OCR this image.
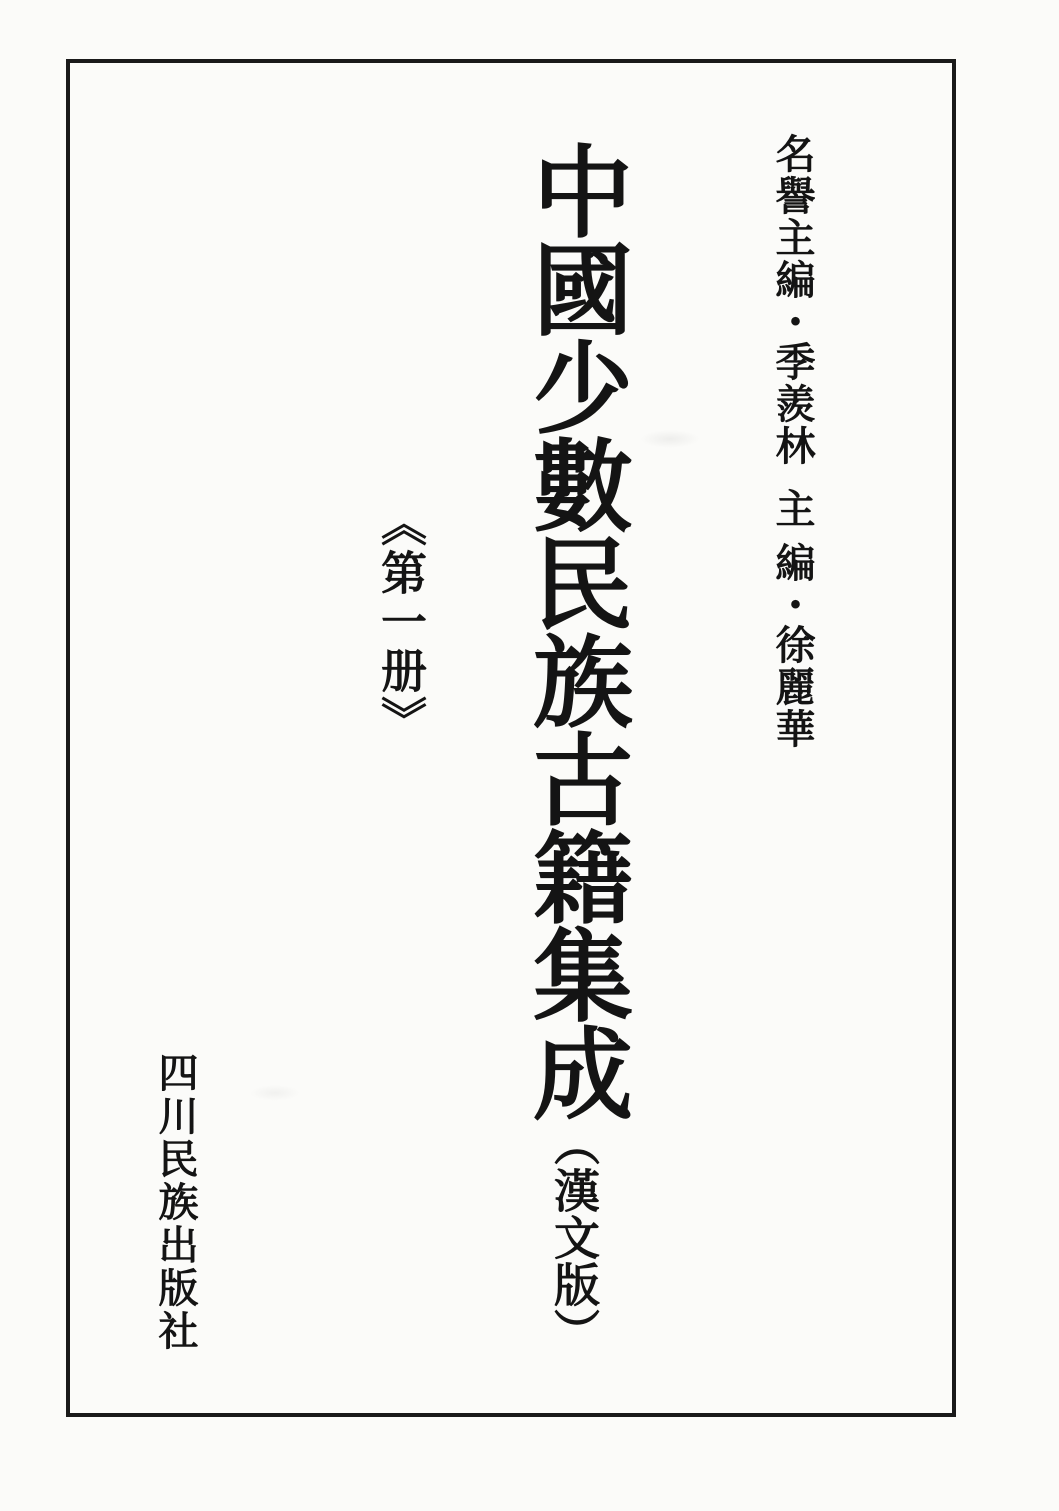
名譽主編・季羨林
主 編・徐麗華
中國少數民族古籍集成（漢文版）
《第一册》
四川民族出版社
